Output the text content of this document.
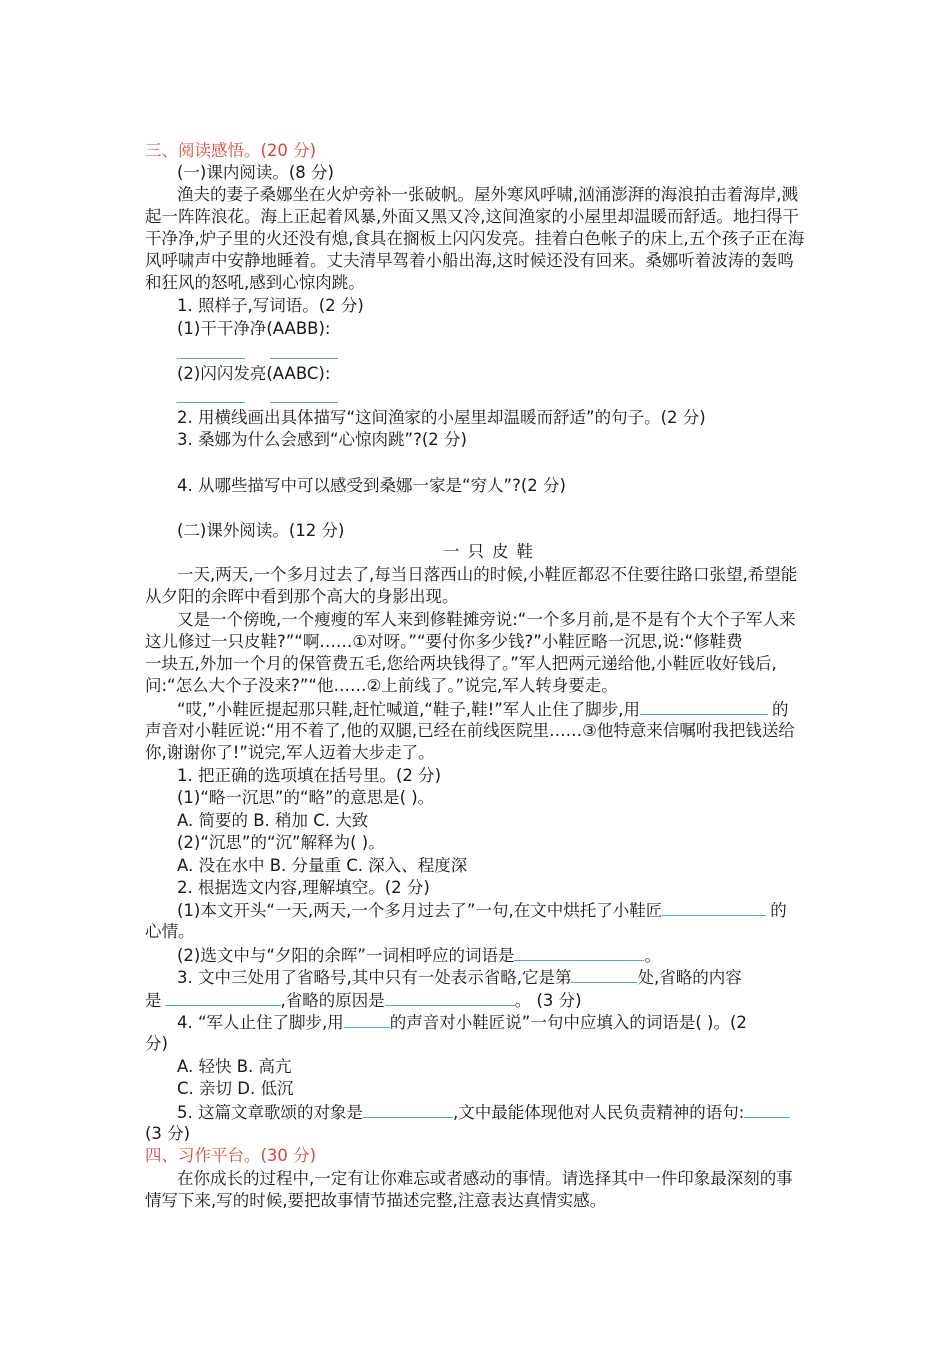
三、阅读感悟。(20 分)
(一)课内阅读。(8 分)
渔夫的妻子桑娜坐在火炉旁补一张破帆。屋外寒风呼啸,汹涌澎湃的海浪拍击着海岸,溅
起一阵阵浪花。海上正起着风暴,外面又黑又冷,这间渔家的小屋里却温暖而舒适。地扫得干
干净净,炉子里的火还没有熄,食具在搁板上闪闪发亮。挂着白色帐子的床上,五个孩子正在海
风呼啸声中安静地睡着。丈夫清早驾着小船出海,这时候还没有回来。桑娜听着波涛的轰鸣
和狂风的怒吼,感到心惊肉跳。
1. 照样子,写词语。(2 分)
(1)干干净净(AABB):

(2)闪闪发亮(AABC):

2. 用横线画出具体描写“这间渔家的小屋里却温暖而舒适”的句子。(2 分)
3. 桑娜为什么会感到“心惊肉跳”?(2 分)
4. 从哪些描写中可以感受到桑娜一家是“穷人”?(2 分)
(二)课外阅读。(12 分)
一只皮鞋
一天,两天,一个多月过去了,每当日落西山的时候,小鞋匠都忍不住要往路口张望,希望能
从夕阳的余晖中看到那个高大的身影出现。
又是一个傍晚,一个瘦瘦的军人来到修鞋摊旁说:“一个多月前,是不是有个大个子军人来
这儿修过一只皮鞋?”“啊……①对呀。”“要付你多少钱?”小鞋匠略一沉思,说:“修鞋费
一块五,外加一个月的保管费五毛,您给两块钱得了。”军人把两元递给他,小鞋匠收好钱后,
问:“怎么大个子没来?”“他……②上前线了。”说完,军人转身要走。
“哎,”小鞋匠提起那只鞋,赶忙喊道,“鞋子,鞋!”军人止住了脚步,用	的
声音对小鞋匠说:“用不着了,他的双腿,已经在前线医院里……③他特意来信嘱咐我把钱送给
你,谢谢你了!”说完,军人迈着大步走了。
1. 把正确的选项填在括号里。(2 分)
(1)“略一沉思”的“略”的意思是( )。
A. 简要的 B. 稍加 C. 大致
(2)“沉思”的“沉”解释为( )。
A. 没在水中 B. 分量重 C. 深入、程度深
2. 根据选文内容,理解填空。(2 分)
(1)本文开头“一天,两天,一个多月过去了”一句,在文中烘托了小鞋匠	的
心情。
(2)选文中与“夕阳的余晖”一词相呼应的词语是	。
3. 文中三处用了省略号,其中只有一处表示省略,它是第	处,省略的内容
是	,省略的原因是	。 (3 分)
4. “军人止住了脚步,用	的声音对小鞋匠说”一句中应填入的词语是( )。(2
分)
A. 轻快 B. 高亢
C. 亲切 D. 低沉
5. 这篇文章歌颂的对象是	,文中最能体现他对人民负责精神的语句:
(3 分)
四、习作平台。(30 分)
在你成长的过程中,一定有让你难忘或者感动的事情。请选择其中一件印象最深刻的事
情写下来,写的时候,要把故事情节描述完整,注意表达真情实感。
